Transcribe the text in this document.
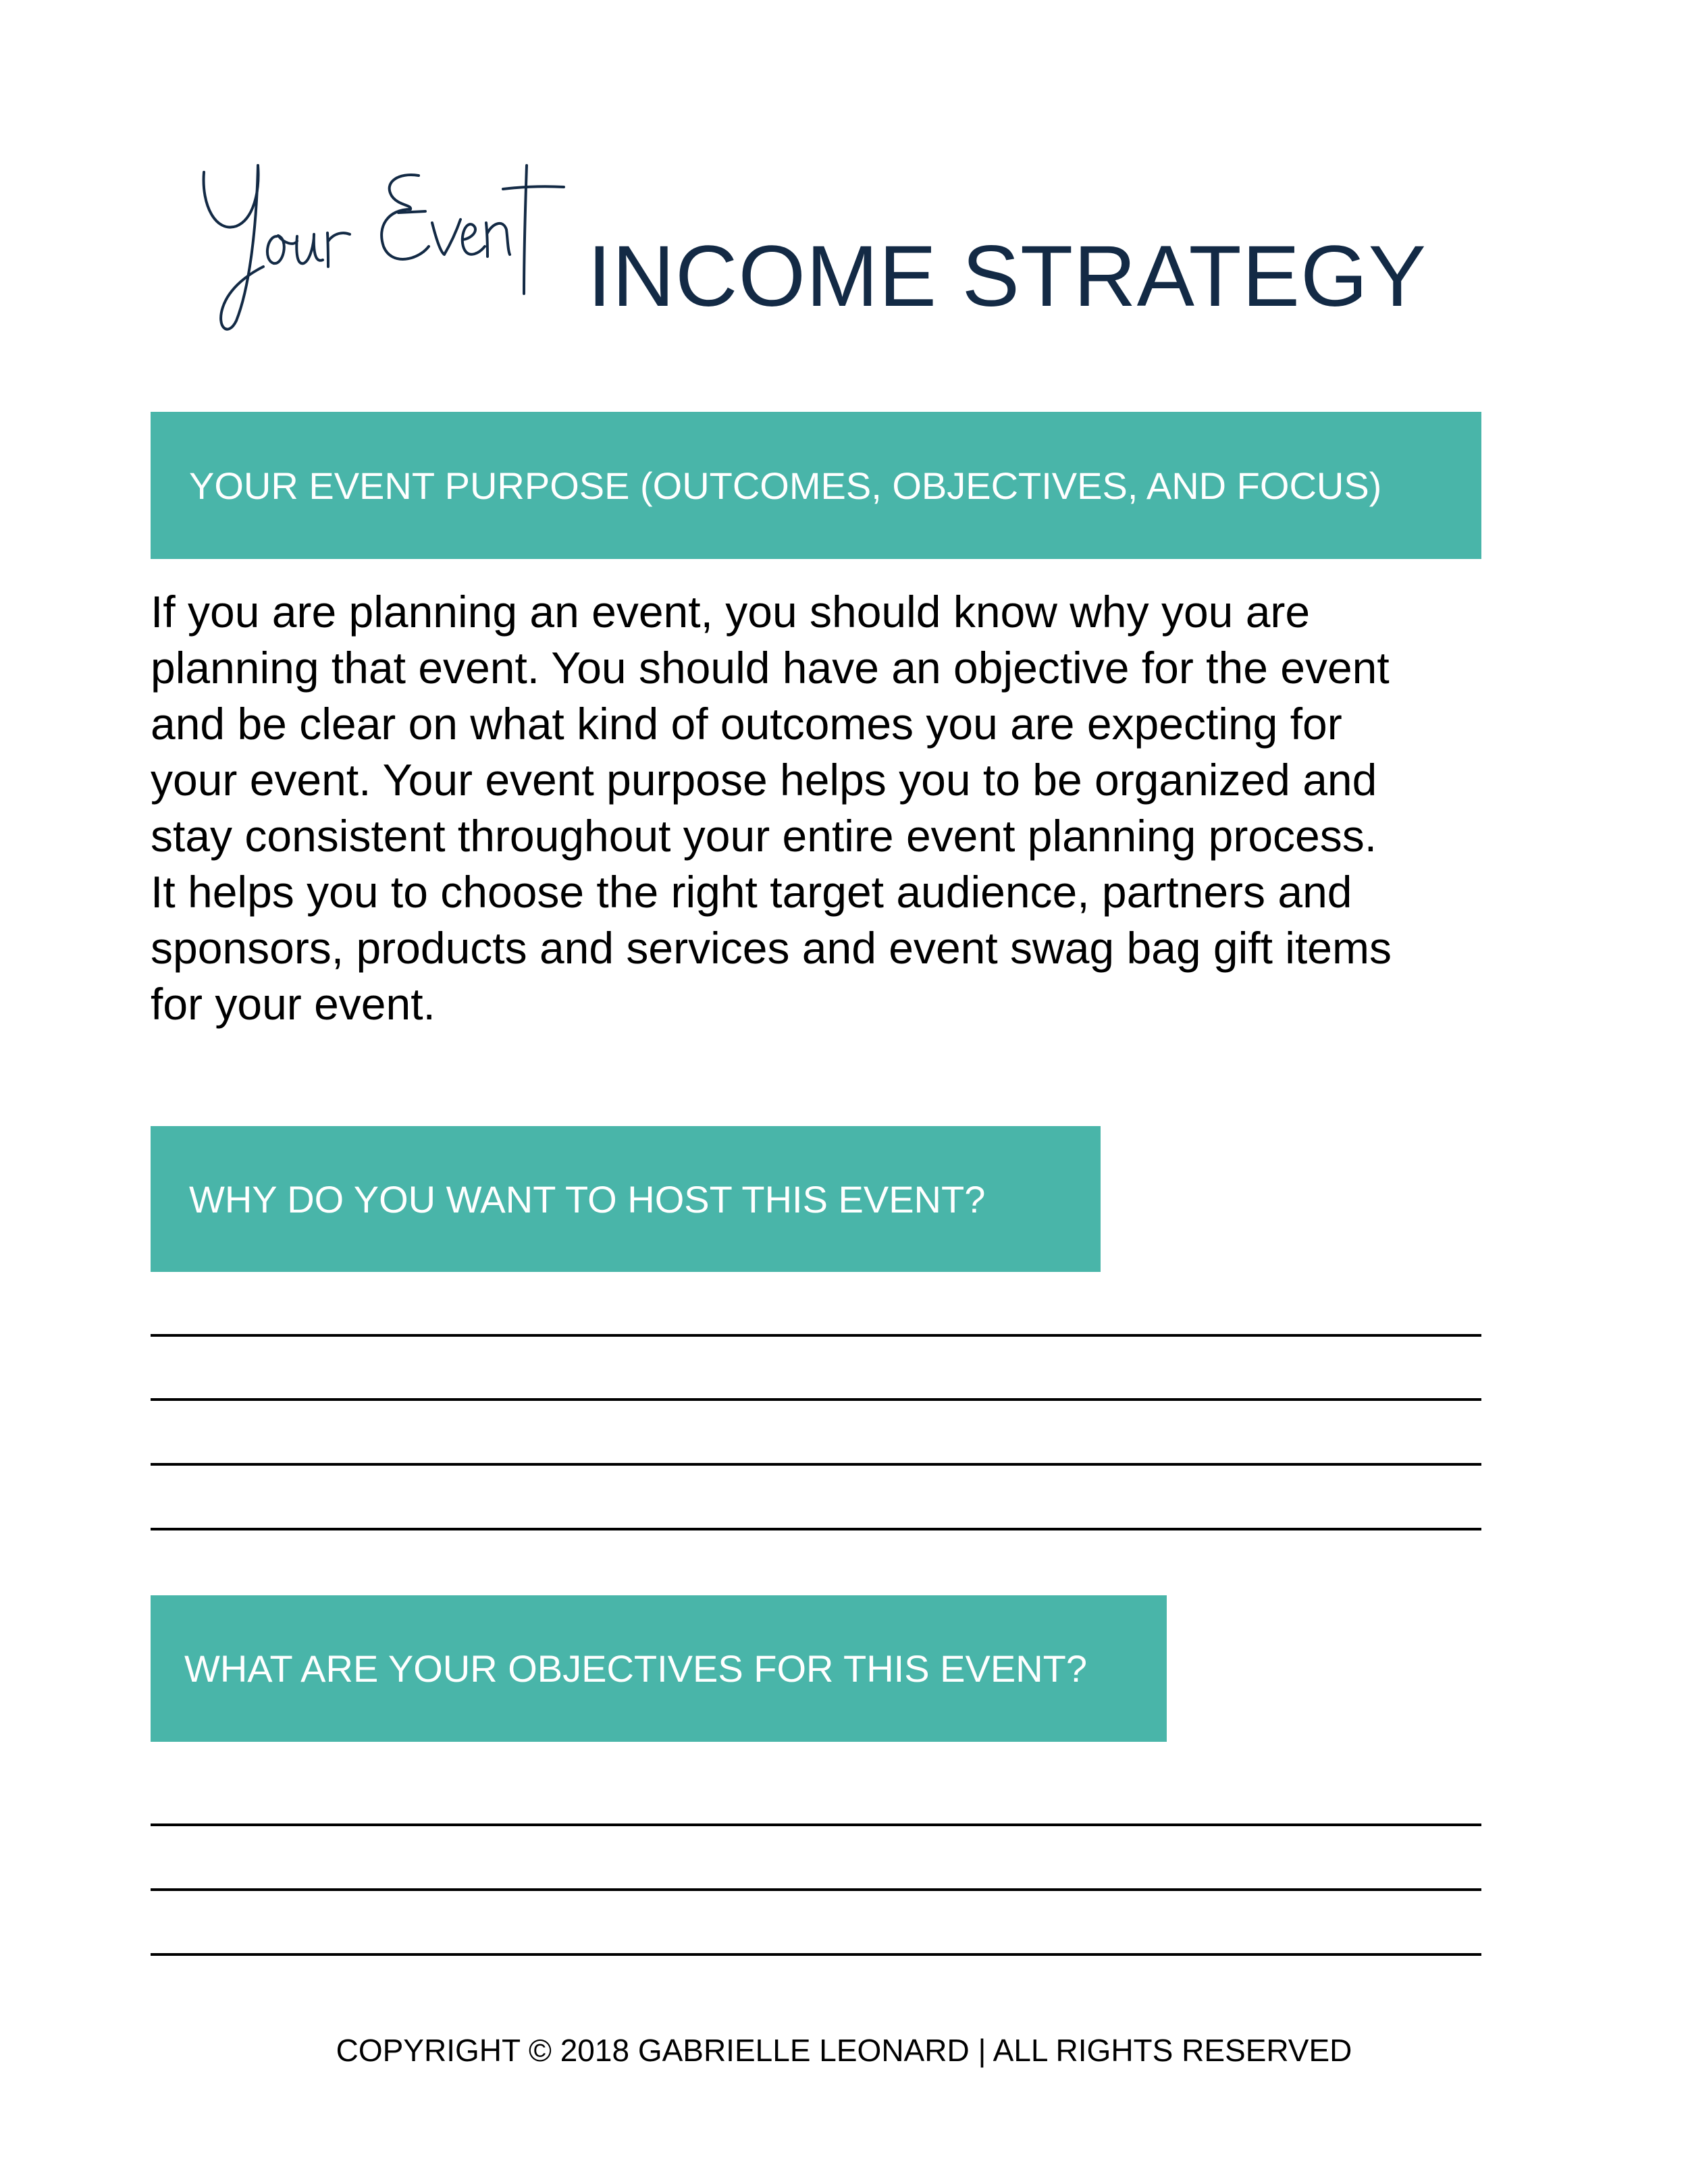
INCOME STRATEGY
YOUR EVENT PURPOSE (OUTCOMES, OBJECTIVES, AND FOCUS)
If you are planning an event, you should know why you are
planning that event. You should have an objective for the event
and be clear on what kind of outcomes you are expecting for
your event. Your event purpose helps you to be organized and
stay consistent throughout your entire event planning process.
It helps you to choose the right target audience, partners and
sponsors, products and services and event swag bag gift items
for your event.
WHY DO YOU WANT TO HOST THIS EVENT?
WHAT ARE YOUR OBJECTIVES FOR THIS EVENT?
COPYRIGHT © 2018 GABRIELLE LEONARD | ALL RIGHTS RESERVED
